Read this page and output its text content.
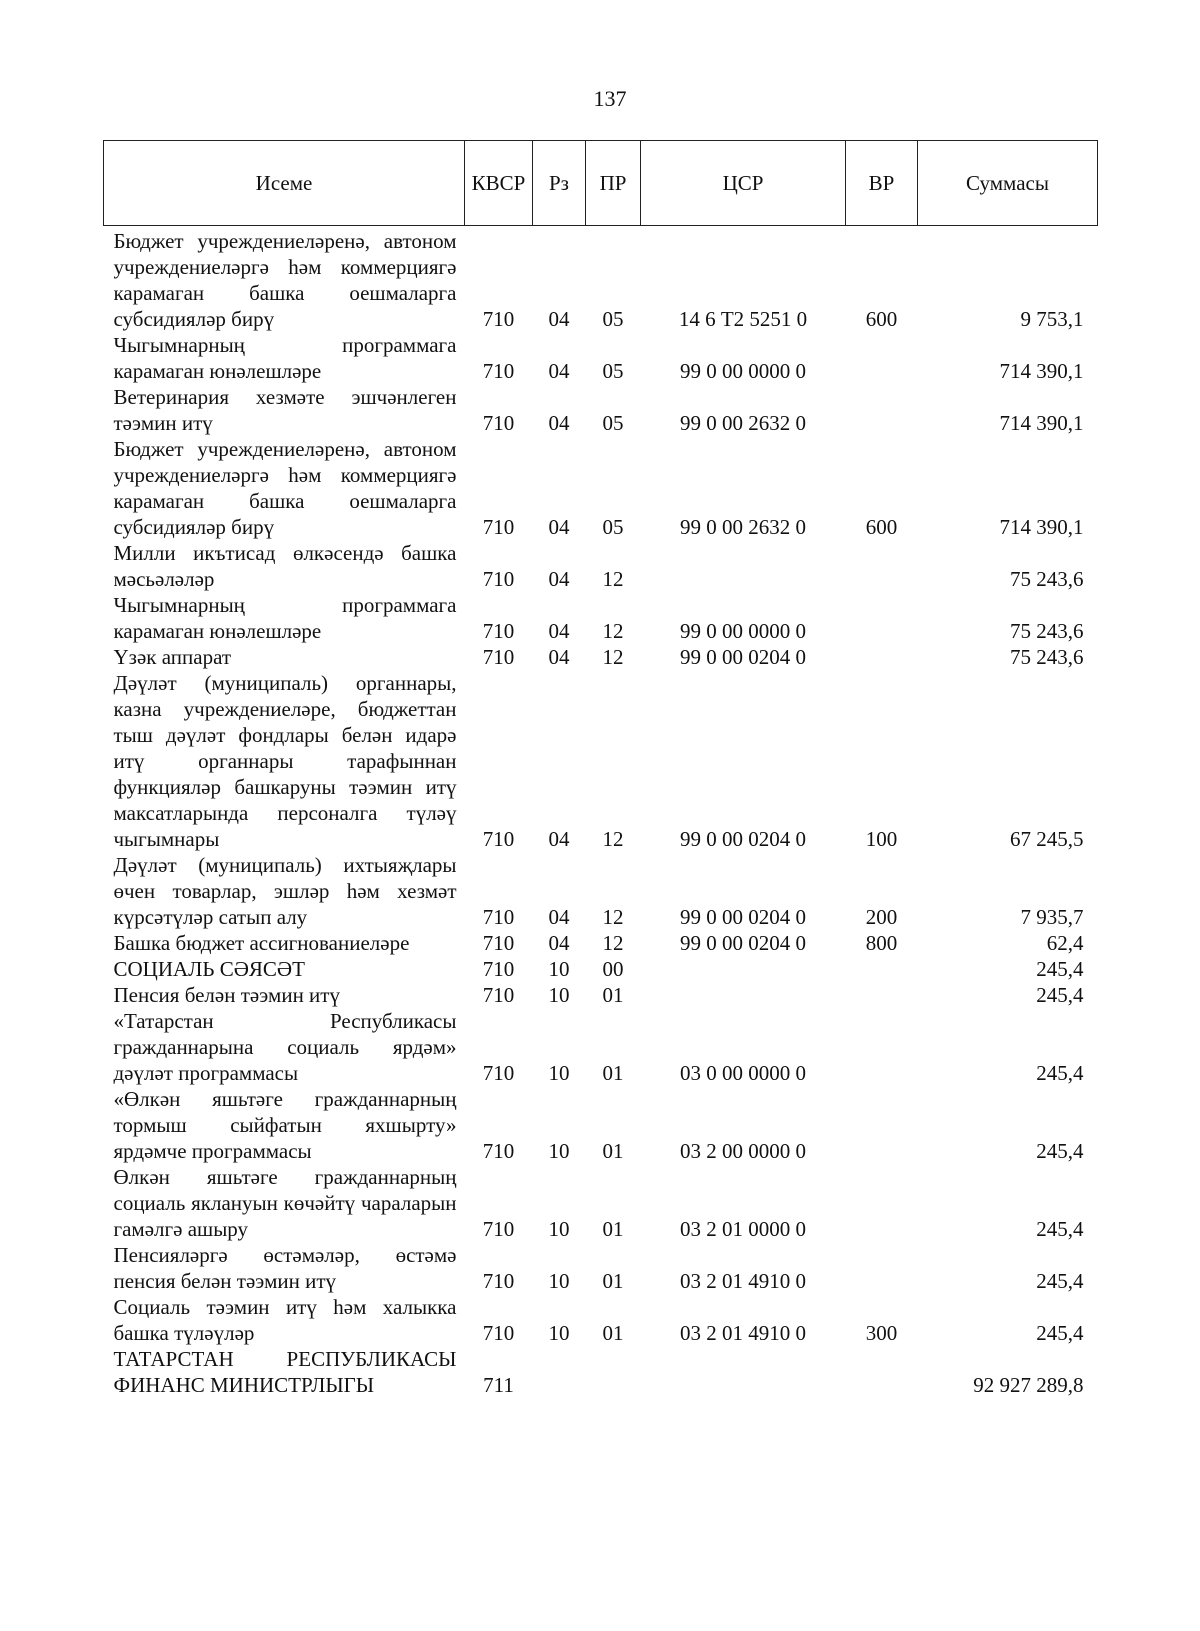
137
Исеме	КВСР	Рз	ПР	ЦСР	ВР	Суммасы
Бюджет учреждениеләренә, автоном учреждениеләргә һәм коммерциягә карамаган башка оешмаларга субсидияләр бирү	710	04	05	14 6 Т2 5251 0	600	9 753,1
Чыгымнарның программага карамаган юнәлешләре	710	04	05	99 0 00 0000 0		714 390,1
Ветеринария хезмәте эшчәнлеген тәэмин итү	710	04	05	99 0 00 2632 0		714 390,1
Бюджет учреждениеләренә, автоном учреждениеләргә һәм коммерциягә карамаган башка оешмаларга субсидияләр бирү	710	04	05	99 0 00 2632 0	600	714 390,1
Милли икътисад өлкәсендә башка мәсьәләләр	710	04	12			75 243,6
Чыгымнарның программага карамаган юнәлешләре	710	04	12	99 0 00 0000 0		75 243,6
Үзәк аппарат	710	04	12	99 0 00 0204 0		75 243,6
Дәүләт (муниципаль) органнары, казна учреждениеләре, бюджеттан тыш дәүләт фондлары белән идарә итү органнары тарафыннан функцияләр башкаруны тәэмин итү максатларында персоналга түләү чыгымнары	710	04	12	99 0 00 0204 0	100	67 245,5
Дәүләт (муниципаль) ихтыяҗлары өчен товарлар, эшләр һәм хезмәт күрсәтүләр сатып алу	710	04	12	99 0 00 0204 0	200	7 935,7
Башка бюджет ассигнованиеләре	710	04	12	99 0 00 0204 0	800	62,4
СОЦИАЛЬ СӘЯСӘТ	710	10	00			245,4
Пенсия белән тәэмин итү	710	10	01			245,4
«Татарстан Республикасы гражданнарына социаль ярдәм» дәүләт программасы	710	10	01	03 0 00 0000 0		245,4
«Өлкән яшьтәге гражданнарның тормыш сыйфатын яхшырту» ярдәмче программасы	710	10	01	03 2 00 0000 0		245,4
Өлкән яшьтәге гражданнарның социаль яклануын көчәйтү чараларын гамәлгә ашыру	710	10	01	03 2 01 0000 0		245,4
Пенсияләргә өстәмәләр, өстәмә пенсия белән тәэмин итү	710	10	01	03 2 01 4910 0		245,4
Социаль тәэмин итү һәм халыкка башка түләүләр	710	10	01	03 2 01 4910 0	300	245,4
ТАТАРСТАН РЕСПУБЛИКАСЫ ФИНАНС МИНИСТРЛЫГЫ	711					92 927 289,8
